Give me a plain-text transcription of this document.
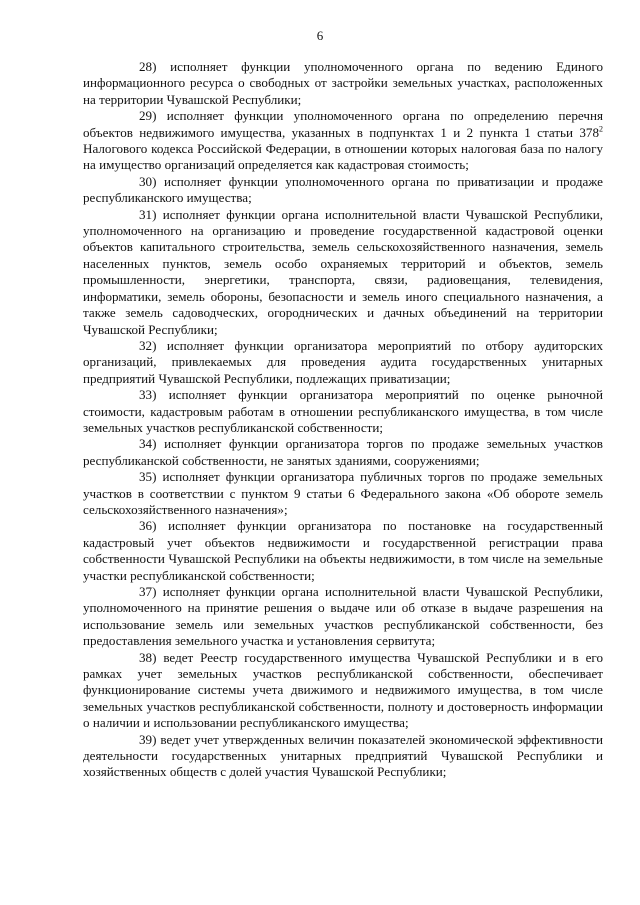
6

28) исполняет функции уполномоченного органа по ведению Единого информационного ресурса о свободных от застройки земельных участках, расположенных на территории Чувашской Республики;

29) исполняет функции уполномоченного органа по определению перечня объектов недвижимого имущества, указанных в подпунктах 1 и 2 пункта 1 статьи $378^2$ Налогового кодекса Российской Федерации, в отношении которых налоговая база по налогу на имущество организаций определяется как кадастровая стоимость;

30) исполняет функции уполномоченного органа по приватизации и продаже республиканского имущества;

31) исполняет функции органа исполнительной власти Чувашской Республики, уполномоченного на организацию и проведение государственной кадастровой оценки объектов капитального строительства, земель сельскохозяйственного назначения, земель населенных пунктов, земель особо охраняемых территорий и объектов, земель промышленности, энергетики, транспорта, связи, радиовещания, телевидения, информатики, земель обороны, безопасности и земель иного специального назначения, а также земель садоводческих, огороднических и дачных объединений на территории Чувашской Республики;

32) исполняет функции организатора мероприятий по отбору аудиторских организаций, привлекаемых для проведения аудита государственных унитарных предприятий Чувашской Республики, подлежащих приватизации;

33) исполняет функции организатора мероприятий по оценке рыночной стоимости, кадастровым работам в отношении республиканского имущества, в том числе земельных участков республиканской собственности;

34) исполняет функции организатора торгов по продаже земельных участков республиканской собственности, не занятых зданиями, сооружениями;

35) исполняет функции организатора публичных торгов по продаже земельных участков в соответствии с пунктом 9 статьи 6 Федерального закона «Об обороте земель сельскохозяйственного назначения»;

36) исполняет функции организатора по постановке на государственный кадастровый учет объектов недвижимости и государственной регистрации права собственности Чувашской Республики на объекты недвижимости, в том числе на земельные участки республиканской собственности;

37) исполняет функции органа исполнительной власти Чувашской Республики, уполномоченного на принятие решения о выдаче или об отказе в выдаче разрешения на использование земель или земельных участков республиканской собственности, без предоставления земельного участка и установления сервитута;

38) ведет Реестр государственного имущества Чувашской Республики и в его рамках учет земельных участков республиканской собственности, обеспечивает функционирование системы учета движимого и недвижимого имущества, в том числе земельных участков республиканской собственности, полноту и достоверность информации о наличии и использовании республиканского имущества;

39) ведет учет утвержденных величин показателей экономической эффективности деятельности государственных унитарных предприятий Чувашской Республики и хозяйственных обществ с долей участия Чувашской Республики;
